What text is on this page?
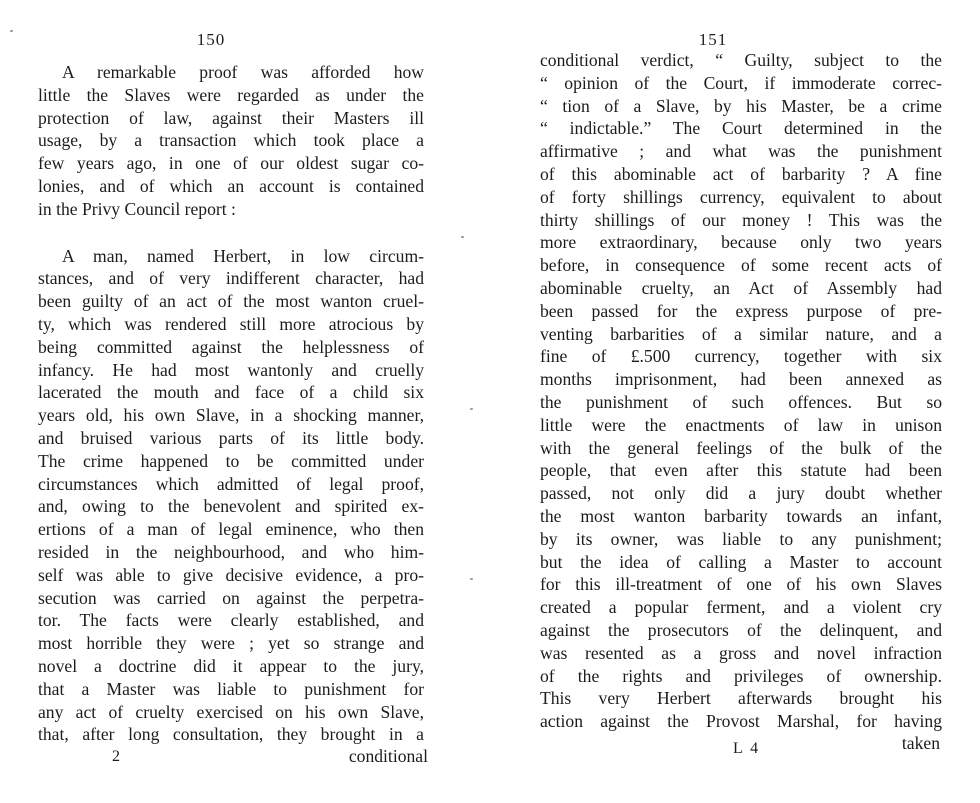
150
A remarkable proof was afforded how
little the Slaves were regarded as under the
protection of law, against their Masters ill
usage, by a transaction which took place a
few years ago, in one of our oldest sugar co-
lonies, and of which an account is contained
in the Privy Council report :
A man, named Herbert, in low circum-
stances, and of very indifferent character, had
been guilty of an act of the most wanton cruel-
ty, which was rendered still more atrocious by
being committed against the helplessness of
infancy. He had most wantonly and cruelly
lacerated the mouth and face of a child six
years old, his own Slave, in a shocking manner,
and bruised various parts of its little body.
The crime happened to be committed under
circumstances which admitted of legal proof,
and, owing to the benevolent and spirited ex-
ertions of a man of legal eminence, who then
resided in the neighbourhood, and who him-
self was able to give decisive evidence, a pro-
secution was carried on against the perpetra-
tor. The facts were clearly established, and
most horrible they were ; yet so strange and
novel a doctrine did it appear to the jury,
that a Master was liable to punishment for
any act of cruelty exercised on his own Slave,
that, after long consultation, they brought in a
2	conditional
151
conditional verdict, “ Guilty, subject to the
“ opinion of the Court, if immoderate correc-
“ tion of a Slave, by his Master, be a crime
“ indictable.” The Court determined in the
affirmative ; and what was the punishment
of this abominable act of barbarity ? A fine
of forty shillings currency, equivalent to about
thirty shillings of our money ! This was the
more extraordinary, because only two years
before, in consequence of some recent acts of
abominable cruelty, an Act of Assembly had
been passed for the express purpose of pre-
venting barbarities of a similar nature, and a
fine of £.500 currency, together with six
months imprisonment, had been annexed as
the punishment of such offences. But so
little were the enactments of law in unison
with the general feelings of the bulk of the
people, that even after this statute had been
passed, not only did a jury doubt whether
the most wanton barbarity towards an infant,
by its owner, was liable to any punishment;
but the idea of calling a Master to account
for this ill-treatment of one of his own Slaves
created a popular ferment, and a violent cry
against the prosecutors of the delinquent, and
was resented as a gross and novel infraction
of the rights and privileges of ownership.
This very Herbert afterwards brought his
action against the Provost Marshal, for having
L 4	taken
